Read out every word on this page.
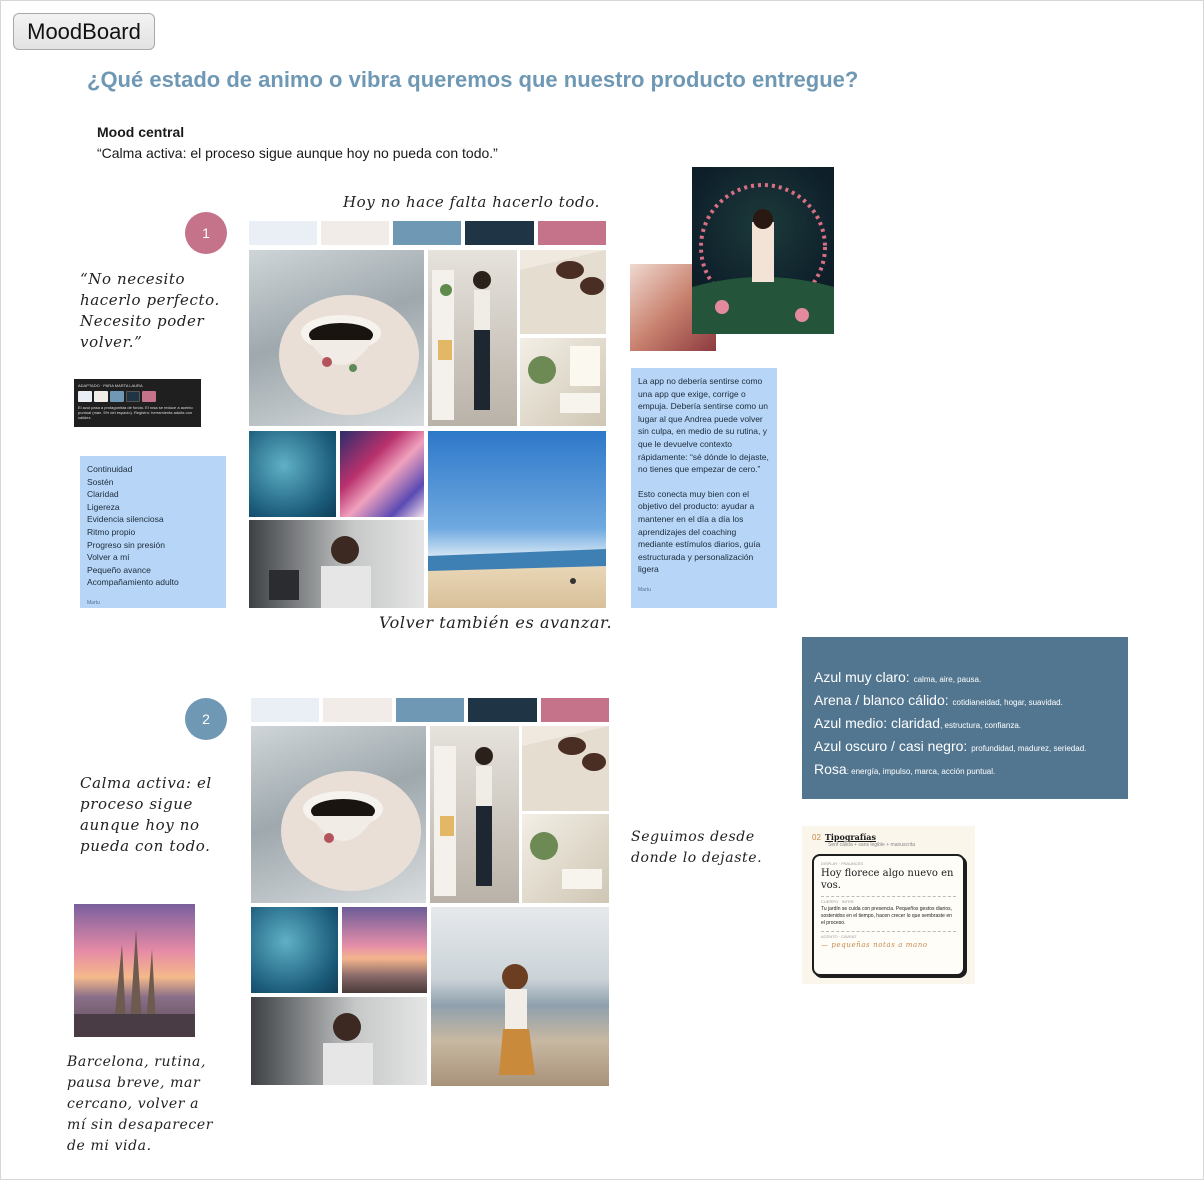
MoodBoard
¿Qué estado de animo o vibra queremos que nuestro producto entregue?
Mood central
“Calma activa: el proceso sigue aunque hoy no pueda con todo.”
Hoy no hace falta hacerlo todo.
1
“No necesito hacerlo perfecto. Necesito poder volver.”
Volver también es avanzar.
ADAPTADO · PARA MARTA LAURA
El azul pasa a protagonista de fondo. El rosa se reduce a acento puntual (máx. 5% del espacio). Registro: herramienta adulta con calidez.
Continuidad
Sostén
Claridad
Ligereza
Evidencia silenciosa
Ritmo propio
Progreso sin presión
Volver a mí
Pequeño avance
Acompañamiento adulto
Martu
La app no debería sentirse como una app que exige, corrige o empuja. Debería sentirse como un lugar al que Andrea puede volver sin culpa, en medio de su rutina, y que le devuelve contexto rápidamente: “sé dónde lo dejaste, no tienes que empezar de cero.”
Esto conecta muy bien con el objetivo del producto: ayudar a mantener en el día a día los aprendizajes del coaching mediante estímulos diarios, guía estructurada y personalización ligera
Martu
Azul muy claro: calma, aire, pausa.
Arena / blanco cálido: cotidianeidad, hogar, suavidad.
Azul medio: claridad, estructura, confianza.
Azul oscuro / casi negro: profundidad, madurez, seriedad.
Rosa: energía, impulso, marca, acción puntual.
2
Calma activa: el proceso sigue aunque hoy no pueda con todo.	Seguimos desde donde lo dejaste.
Barcelona, rutina, pausa breve, mar cercano, volver a mí sin desaparecer de mi vida.
02 Tipografías
Serif cálida + sans legible + manuscrita
DISPLAY · FRAUNCES
Hoy florece algo nuevo en vos.
CUERPO · INTER
Tu jardín se cuida con presencia. Pequeños gestos diarios, sostenidos en el tiempo, hacen crecer lo que sembraste en el proceso.
ACENTO · CAVEAT
— pequeñas notas a mano
